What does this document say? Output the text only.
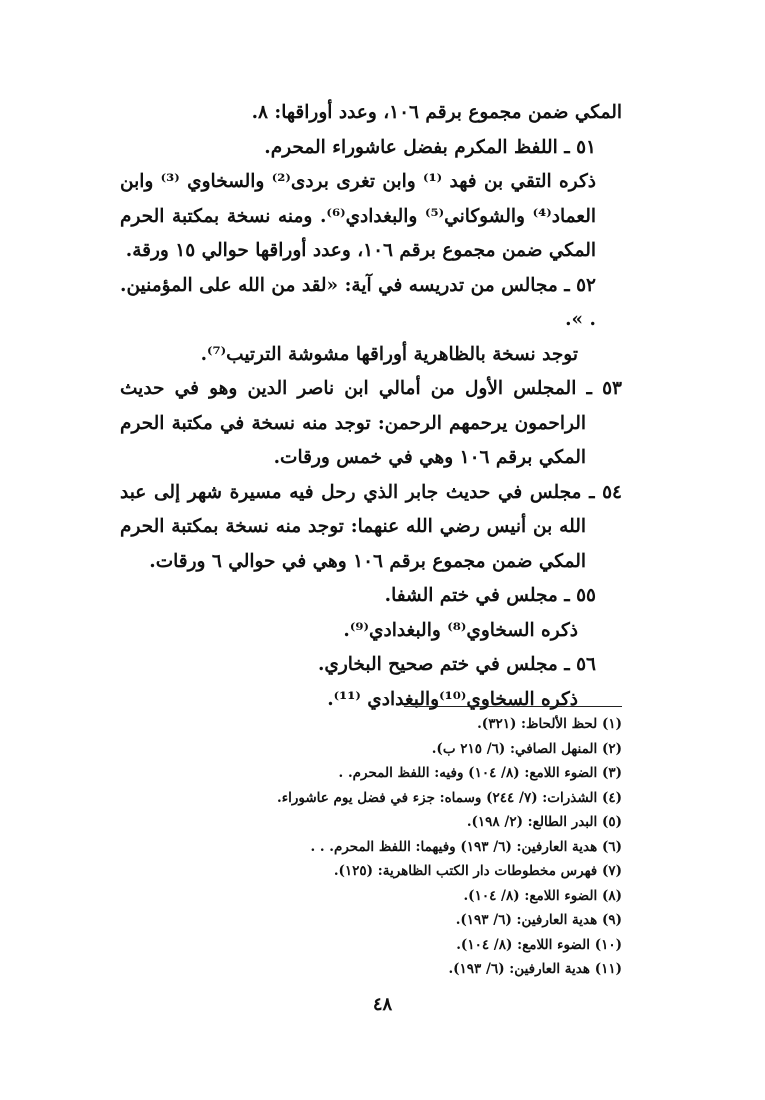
المكي ضمن مجموع برقم ١٠٦، وعدد أوراقها: ٨.

٥١ ـ اللفظ المكرم بفضل عاشوراء المحرم.

ذكره التقي بن فهد ⁽¹⁾ وابن تغرى بردى⁽²⁾ والسخاوي ⁽³⁾ وابن العماد⁽⁴⁾ والشوكاني⁽⁵⁾ والبغدادي⁽⁶⁾. ومنه نسخة بمكتبة الحرم المكي ضمن مجموع برقم ١٠٦، وعدد أوراقها حوالي ١٥ ورقة.

٥٢ ـ مجالس من تدريسه في آية: «لقد من الله على المؤمنين. . ».

توجد نسخة بالظاهرية أوراقها مشوشة الترتيب⁽⁷⁾.

٥٣ ـ المجلس الأول من أمالي ابن ناصر الدين وهو في حديث الراحمون يرحمهم الرحمن: توجد منه نسخة في مكتبة الحرم المكي برقم ١٠٦ وهي في خمس ورقات.

٥٤ ـ مجلس في حديث جابر الذي رحل فيه مسيرة شهر إلى عبد الله بن أنيس رضي الله عنهما: توجد منه نسخة بمكتبة الحرم المكي ضمن مجموع برقم ١٠٦ وهي في حوالي ٦ ورقات.

٥٥ ـ مجلس في ختم الشفا.

ذكره السخاوي⁽⁸⁾ والبغدادي⁽⁹⁾.

٥٦ ـ مجلس في ختم صحيح البخاري.

ذكره السخاوي⁽¹⁰⁾والبغدادي ⁽¹¹⁾.

(١) لحظ الألحاظ: (٣٢١).

(٢) المنهل الصافي: (٦/ ٢١٥ ب).

(٣) الضوء اللامع: (٨/ ١٠٤) وفيه: اللفظ المحرم. .

(٤) الشذرات: (٧/ ٢٤٤) وسماه: جزء في فضل يوم عاشوراء.

(٥) البدر الطالع: (٢/ ١٩٨).

(٦) هدية العارفين: (٦/ ١٩٣) وفيهما: اللفظ المحرم. . .

(٧) فهرس مخطوطات دار الكتب الظاهرية: (١٢٥).

(٨) الضوء اللامع: (٨/ ١٠٤).

(٩) هدية العارفين: (٦/ ١٩٣).

(١٠) الضوء اللامع: (٨/ ١٠٤).

(١١) هدية العارفين: (٦/ ١٩٣).

٤٨
